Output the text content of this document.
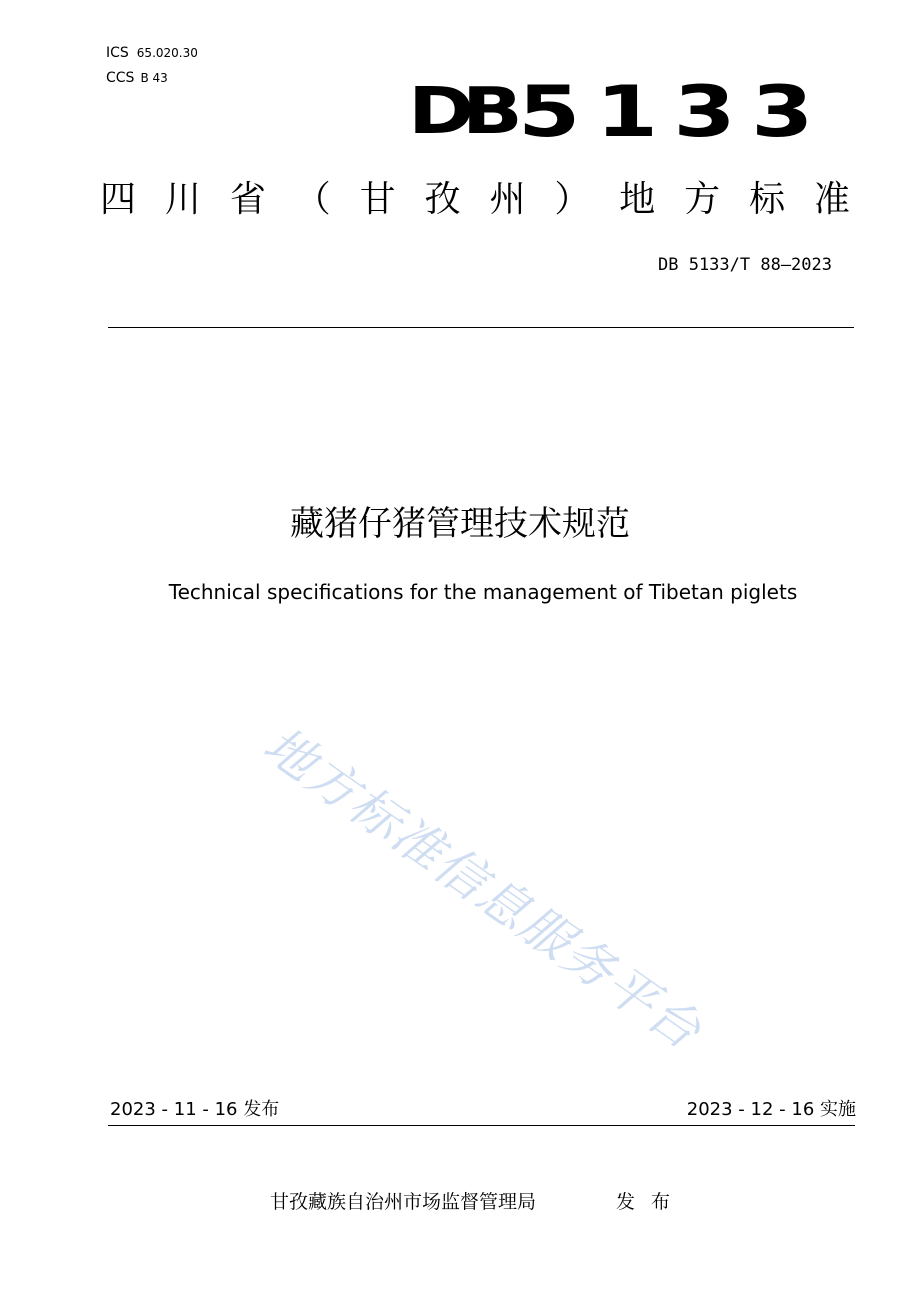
ICS 65.020.30
CCS B 43	DB 5133
四 川 省 （ 甘 孜 州 ） 地 方 标 准
DB 5133/T 88—2023
藏猪仔猪管理技术规范
Technical specifications for the management of Tibetan piglets
地方标准信息服务平台
2023 - 11 - 16 发布	2023 - 12 - 16 实施
甘孜藏族自治州市场监督管理局	发布
